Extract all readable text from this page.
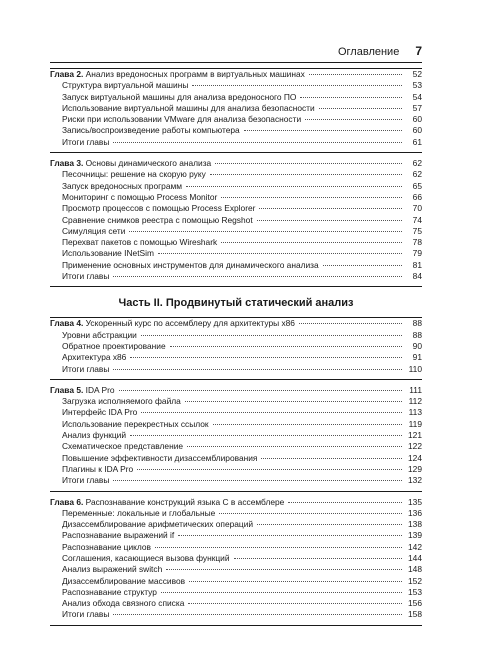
Оглавление 7
Глава 2. Анализ вредоносных программ в виртуальных машинах	52
Структура виртуальной машины	53
Запуск виртуальной машины для анализа вредоносного ПО	54
Использование виртуальной машины для анализа безопасности	57
Риски при использовании VMware для анализа безопасности	60
Запись/воспроизведение работы компьютера	60
Итоги главы	61
Глава 3. Основы динамического анализа	62
Песочницы: решение на скорую руку	62
Запуск вредоносных программ	65
Мониторинг с помощью Process Monitor	66
Просмотр процессов с помощью Process Explorer	70
Сравнение снимков реестра с помощью Regshot	74
Симуляция сети	75
Перехват пакетов с помощью Wireshark	78
Использование INetSim	79
Применение основных инструментов для динамического анализа	81
Итоги главы	84
Часть II. Продвинутый статический анализ
Глава 4. Ускоренный курс по ассемблеру для архитектуры x86	88
Уровни абстракции	88
Обратное проектирование	90
Архитектура x86	91
Итоги главы	110
Глава 5. IDA Pro	111
Загрузка исполняемого файла	112
Интерфейс IDA Pro	113
Использование перекрестных ссылок	119
Анализ функций	121
Схематическое представление	122
Повышение эффективности дизассемблирования	124
Плагины к IDA Pro	129
Итоги главы	132
Глава 6. Распознавание конструкций языка C в ассемблере	135
Переменные: локальные и глобальные	136
Дизассемблирование арифметических операций	138
Распознавание выражений if	139
Распознавание циклов	142
Соглашения, касающиеся вызова функций	144
Анализ выражений switch	148
Дизассемблирование массивов	152
Распознавание структур	153
Анализ обхода связного списка	156
Итоги главы	158
